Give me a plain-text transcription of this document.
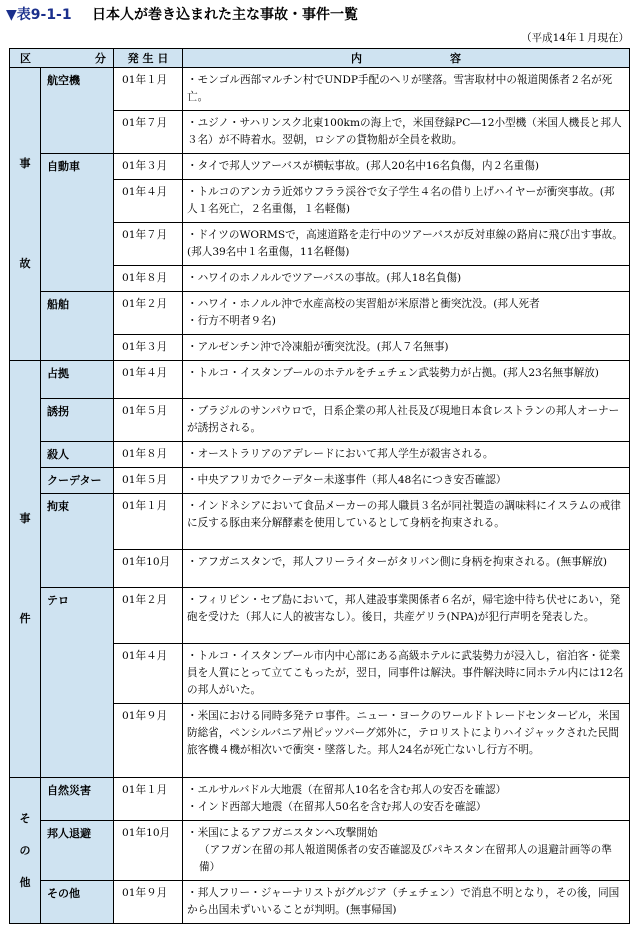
▼表9-1-1 日本人が巻き込まれた主な事故・事件一覧
（平成14年１月現在）
区 分		発 生 日	内　　　　　　　　容

事
故	航空機	01年１月	・モンゴル西部マルチン村でUNDP手配のヘリが墜落。雪害取材中の報道関係者２名が死亡。

		01年７月	・ユジノ・サハリンスク北東100kmの海上で，米国登録PC―12小型機（米国人機長と邦人３名）が不時着水。翌朝，ロシアの貨物船が全員を救助。

	自動車	01年３月	・タイで邦人ツアーバスが横転事故。(邦人20名中16名負傷，内２名重傷)

		01年４月	・トルコのアンカラ近郊ウフララ渓谷で女子学生４名の借り上げハイヤーが衝突事故。(邦人１名死亡，２名重傷，１名軽傷)

		01年７月	・ドイツのWORMSで，高速道路を走行中のツアーバスが反対車線の路肩に飛び出す事故。(邦人39名中１名重傷，11名軽傷)

		01年８月	・ハワイのホノルルでツアーバスの事故。(邦人18名負傷)

	船舶	01年２月	・ハワイ・ホノルル沖で水産高校の実習船が米原潜と衝突沈没。(邦人死者
・行方不明者９名)

		01年３月	・アルゼンチン沖で冷凍船が衝突沈没。(邦人７名無事)

事
件	占拠	01年４月	・トルコ・イスタンブールのホテルをチェチェン武装勢力が占拠。(邦人23名無事解放)

	誘拐	01年５月	・ブラジルのサンパウロで，日系企業の邦人社長及び現地日本食レストランの邦人オーナーが誘拐される。

	殺人	01年８月	・オーストラリアのアデレードにおいて邦人学生が殺害される。

	クーデター	01年５月	・中央アフリカでクーデター未遂事件（邦人48名につき安否確認）

	拘束	01年１月	・インドネシアにおいて食品メーカーの邦人職員３名が同社製造の調味料にイスラムの戒律に反する豚由来分解酵素を使用しているとして身柄を拘束される。

		01年10月	・アフガニスタンで，邦人フリーライターがタリバン側に身柄を拘束される。(無事解放)

	テロ	01年２月	・フィリピン・セブ島において，邦人建設事業関係者６名が，帰宅途中待ち伏せにあい，発砲を受けた（邦人に人的被害なし）。後日，共産ゲリラ(NPA)が犯行声明を発表した。

		01年４月	・トルコ・イスタンブール市内中心部にある高級ホテルに武装勢力が浸入し，宿泊客・従業員を人質にとって立てこもったが，翌日，同事件は解決。事件解決時に同ホテル内には12名の邦人がいた。

		01年９月	・米国における同時多発テロ事件。ニュー・ヨークのワールドトレードセンタービル，米国防総省，ペンシルバニア州ピッツバーグ郊外に，テロリストによりハイジャックされた民間旅客機４機が相次いで衝突・墜落した。邦人24名が死亡ないし行方不明。

そ
の
他	自然災害	01年１月	・エルサルバドル大地震（在留邦人10名を含む邦人の安否を確認）
・インド西部大地震（在留邦人50名を含む邦人の安否を確認）

	邦人退避	01年10月	・米国によるアフガニスタンへ攻撃開始
（アフガン在留の邦人報道関係者の安否確認及びパキスタン在留邦人の退避計画等の準備）

	その他	01年９月	・邦人フリー・ジャーナリストがグルジア（チェチェン）で消息不明となり，その後，同国から出国未ずいいることが判明。(無事帰国)
